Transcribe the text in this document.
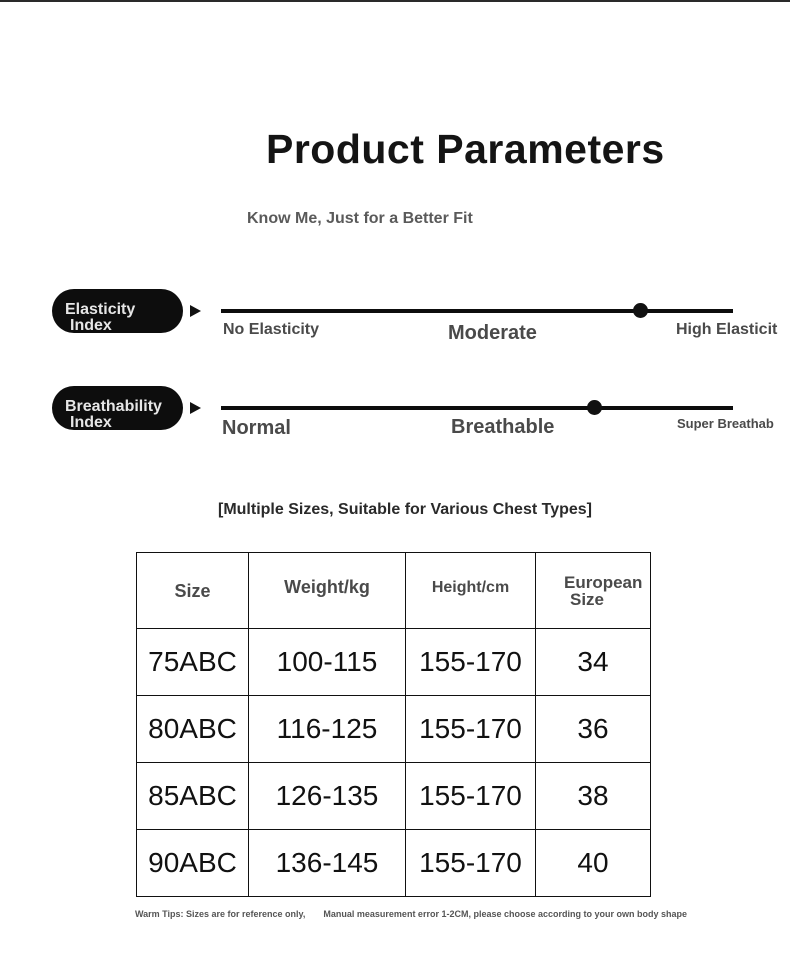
Product Parameters
Know Me, Just for a Better Fit
Elasticity
Index	No Elasticity	Moderate	High Elasticit
Breathability
Index	Normal	Breathable	Super Breathab
[Multiple Sizes, Suitable for Various Chest Types]
Size	Weight/kg	Height/cm	European
Size

75ABC	100-115	155-170	34
80ABC	116-125	155-170	36
85ABC	126-135	155-170	38
90ABC	136-145	155-170	40
Warm Tips: Sizes are for reference only, Manual measurement error 1-2CM, please choose according to your own body shape
